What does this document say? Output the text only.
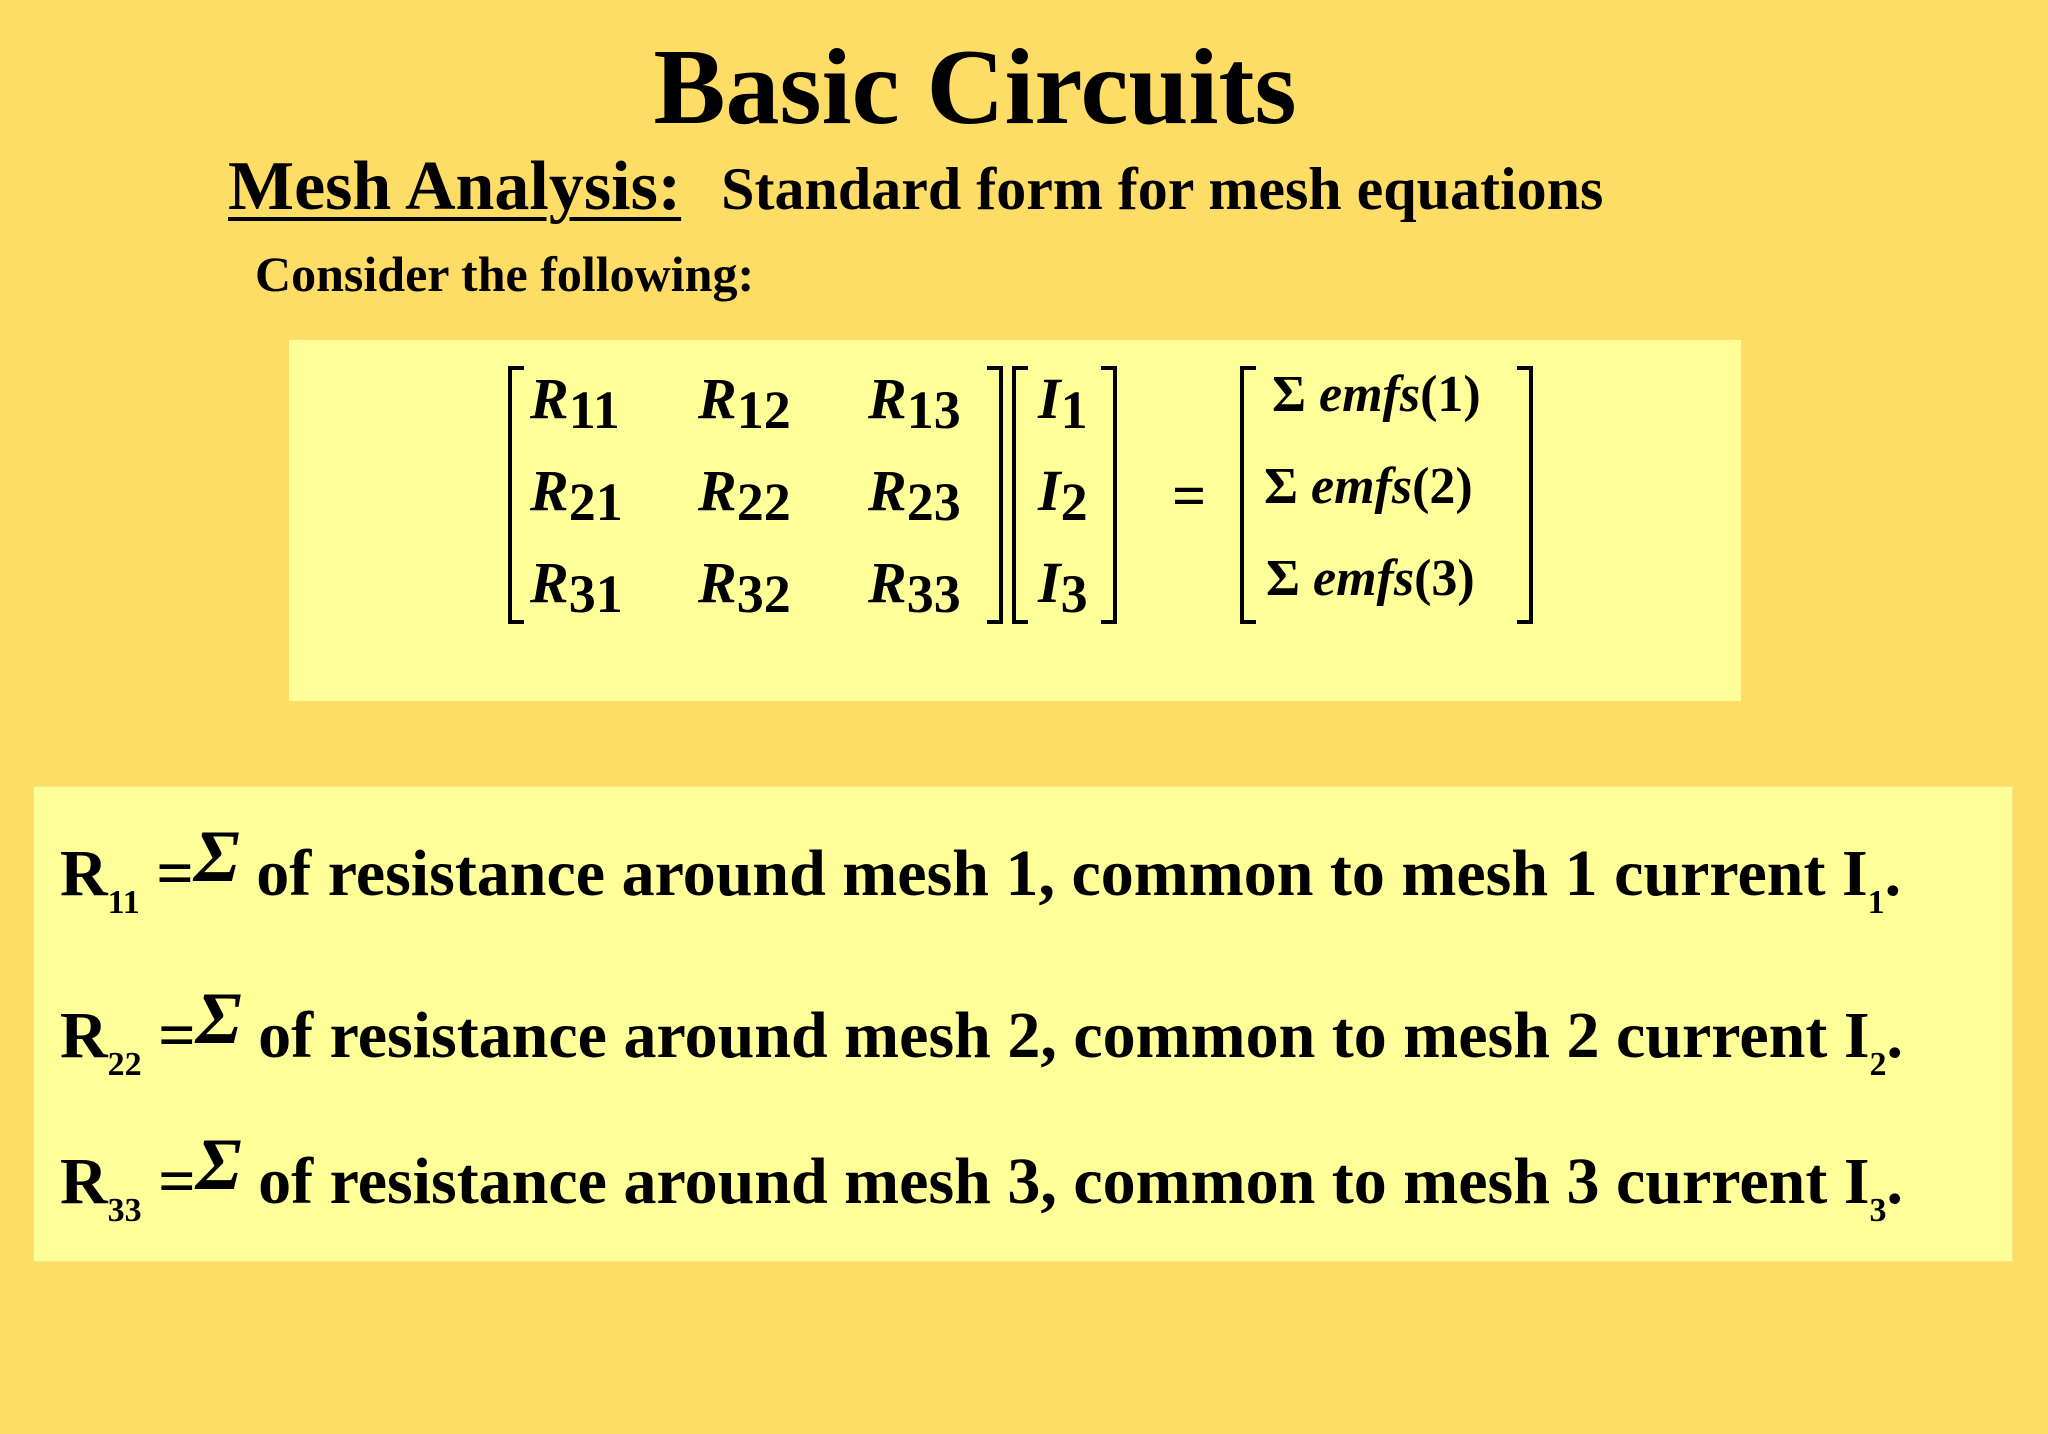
Basic Circuits
Mesh Analysis: Standard form for mesh equations
Consider the following:
R11 R12 R13
R21 R22 R23
R31 R32 R33
I1
I2
I3
=
Σ emfs(1)
Σ emfs(2)
Σ emfs(3)
$R_{11} =\Sigma$ of resistance around mesh 1, common to mesh 1 current $I_1$.
$R_{22} =\Sigma$ of resistance around mesh 2, common to mesh 2 current $I_2$.
$R_{33} =\Sigma$ of resistance around mesh 3, common to mesh 3 current $I_3$.
